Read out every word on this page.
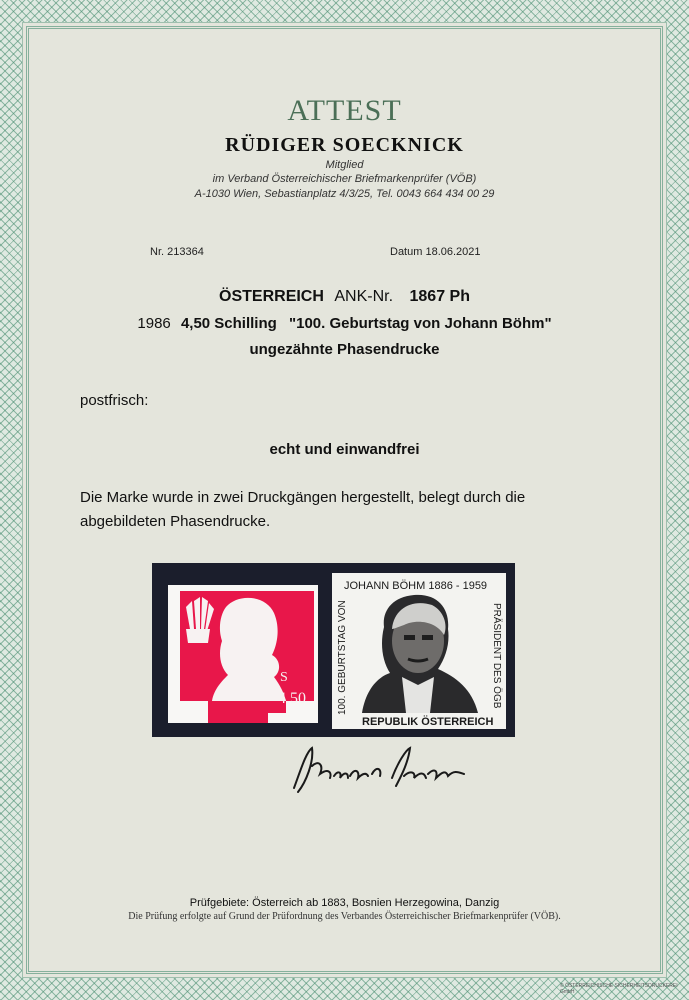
ATTEST
RÜDIGER SOECKNICK
Mitglied
im Verband Österreichischer Briefmarkenprüfer (VÖB)
A-1030 Wien, Sebastianplatz 4/3/25, Tel. 0043 664 434 00 29
Nr. 213364	Datum 18.06.2021
ÖSTERREICH ANK-Nr. 1867 Ph
1986 4,50 Schilling "100. Geburtstag von Johann Böhm"
ungezähnte Phasendrucke
postfrisch:
echt und einwandfrei
Die Marke wurde in zwei Druckgängen hergestellt, belegt durch die
abgebildeten Phasendrucke.
S
4.50
JOHANN BÖHM 1886 - 1959
100. GEBURTSTAG VON	PRÄSIDENT DES ÖGB
REPUBLIK ÖSTERREICH
Prüfgebiete: Österreich ab 1883, Bosnien Herzegowina, Danzig
Die Prüfung erfolgte auf Grund der Prüfordnung des Verbandes Österreichischer Briefmarkenprüfer (VÖB).
© ÖSTERREICHISCHE SICHERHEITSDRUCKEREI GmbH
